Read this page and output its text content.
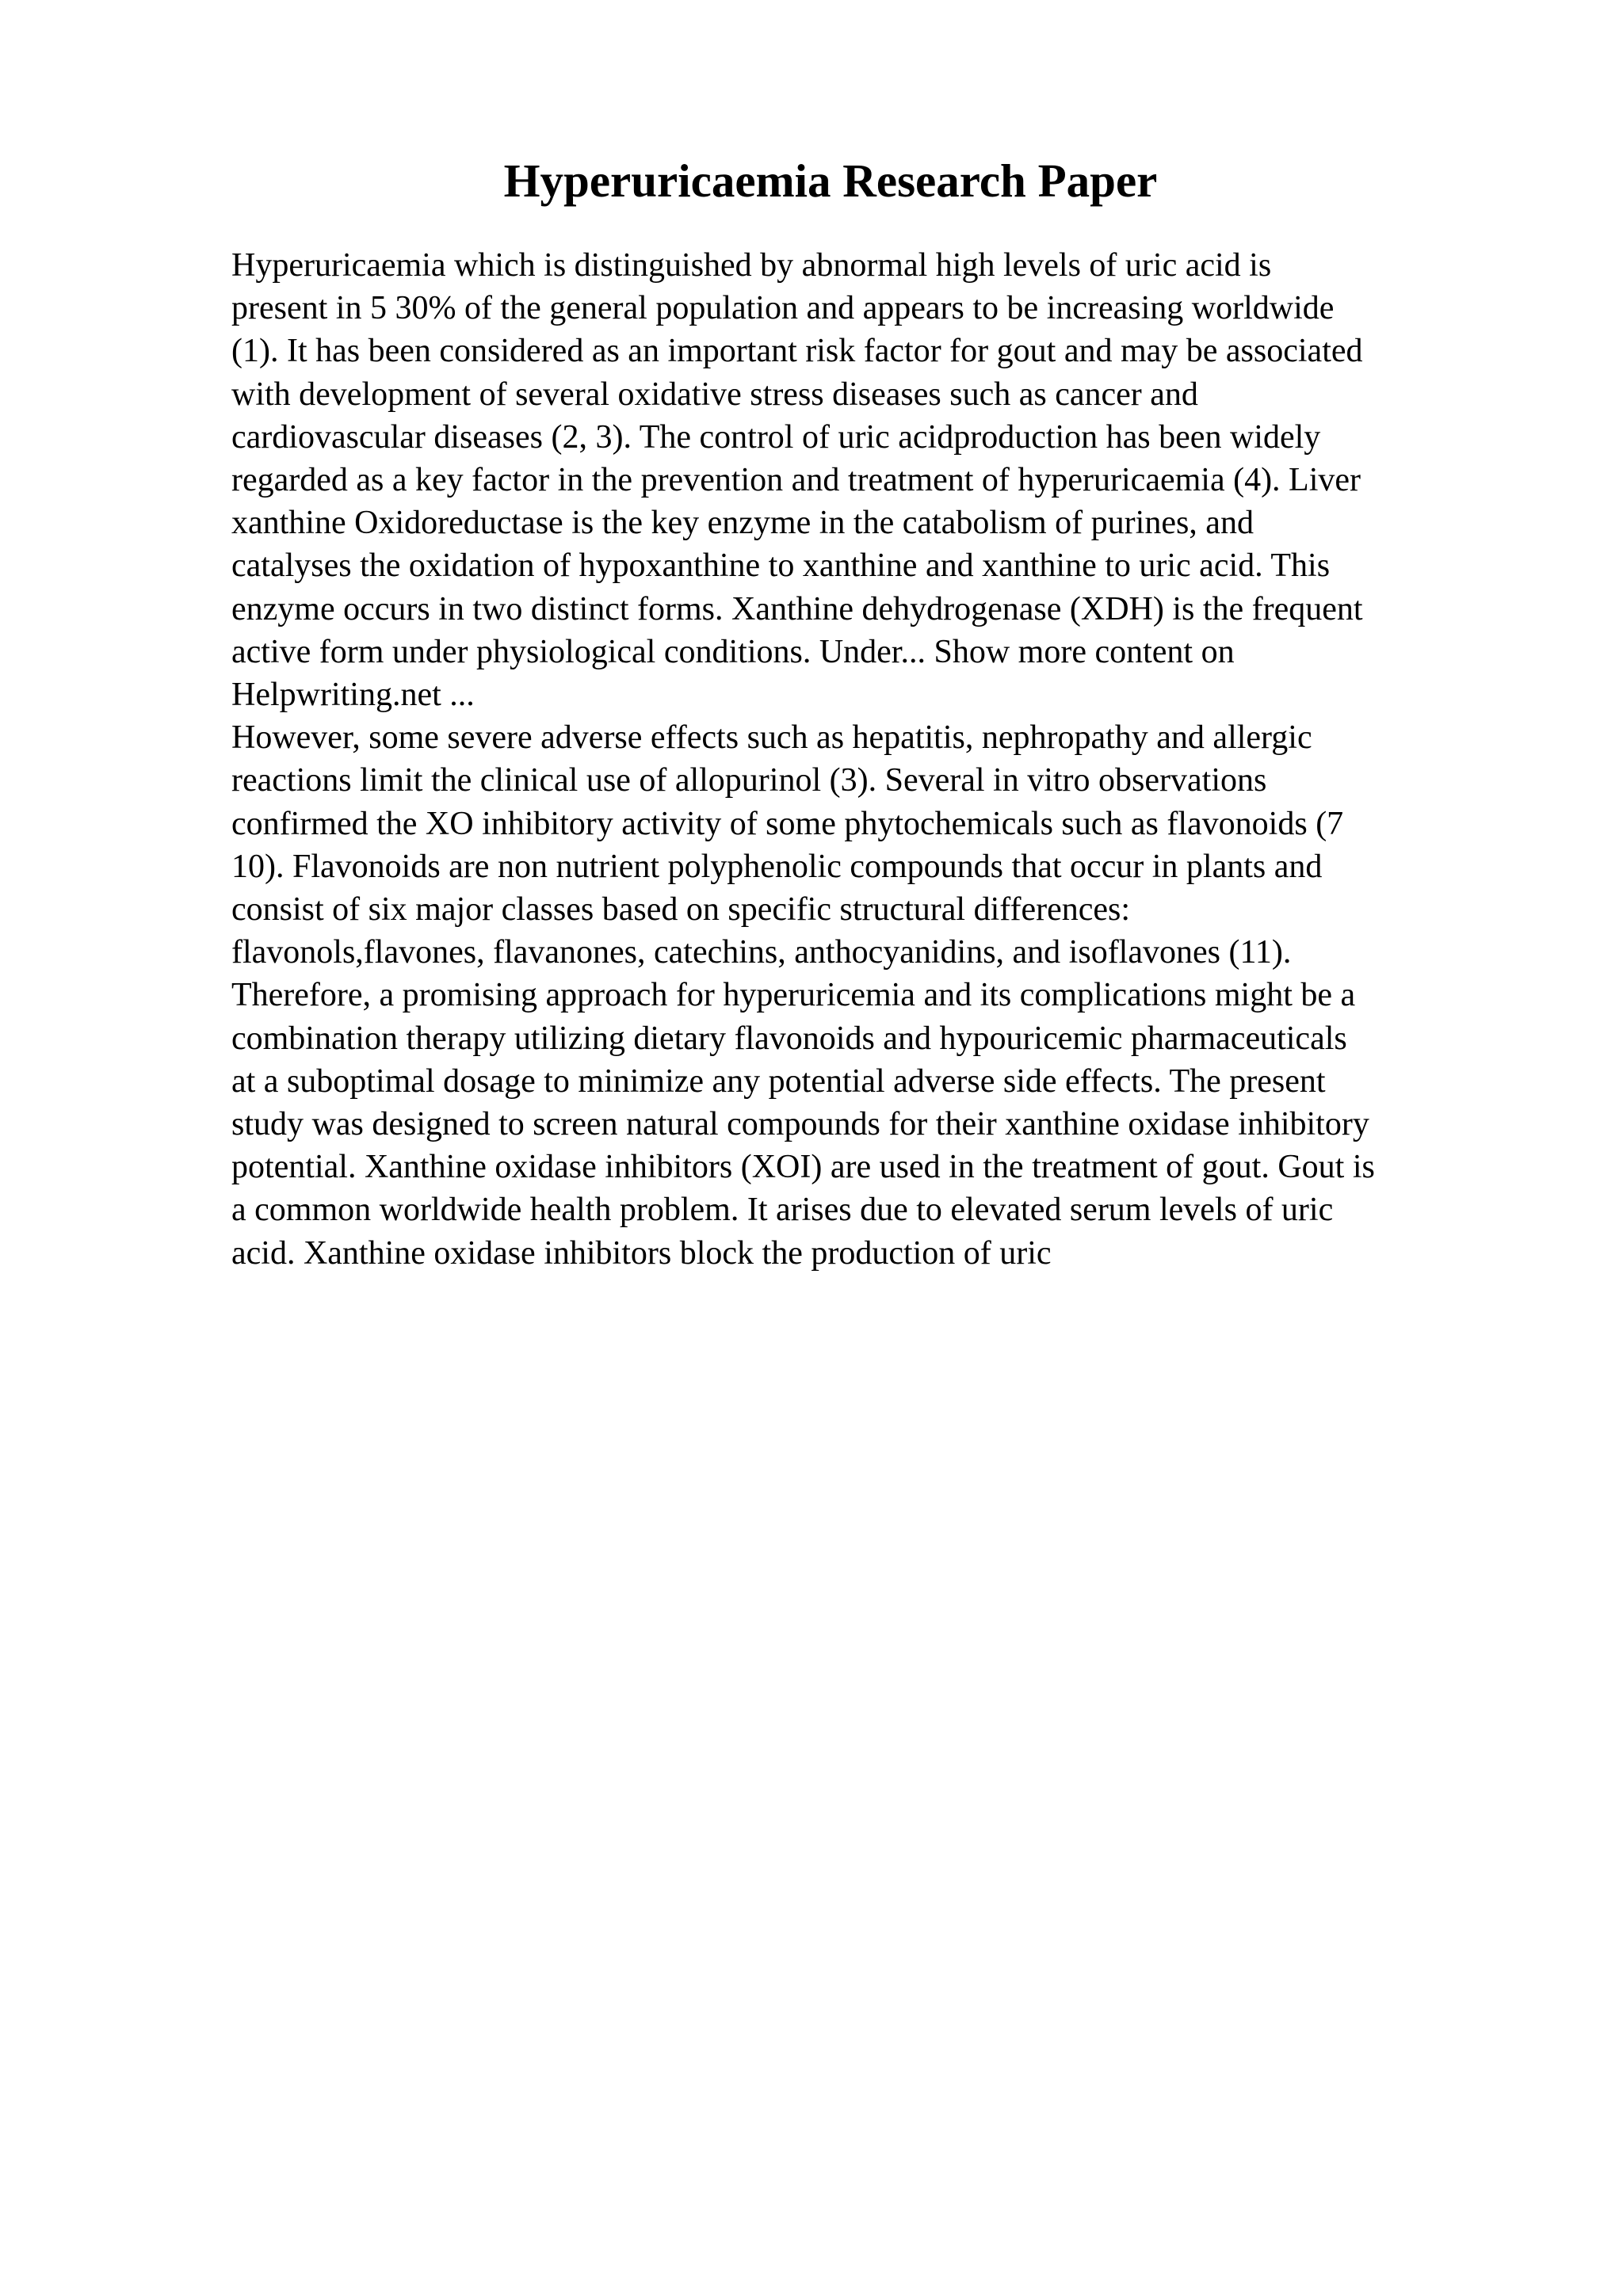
Hyperuricaemia Research Paper
Hyperuricaemia which is distinguished by abnormal high levels of uric acid is
present in 5 30% of the general population and appears to be increasing worldwide
(1). It has been considered as an important risk factor for gout and may be associated
with development of several oxidative stress diseases such as cancer and
cardiovascular diseases (2, 3). The control of uric acidproduction has been widely
regarded as a key factor in the prevention and treatment of hyperuricaemia (4). Liver
xanthine Oxidoreductase is the key enzyme in the catabolism of purines, and
catalyses the oxidation of hypoxanthine to xanthine and xanthine to uric acid. This
enzyme occurs in two distinct forms. Xanthine dehydrogenase (XDH) is the frequent
active form under physiological conditions. Under... Show more content on
Helpwriting.net ...
However, some severe adverse effects such as hepatitis, nephropathy and allergic
reactions limit the clinical use of allopurinol (3). Several in vitro observations
confirmed the XO inhibitory activity of some phytochemicals such as flavonoids (7
10). Flavonoids are non nutrient polyphenolic compounds that occur in plants and
consist of six major classes based on specific structural differences:
flavonols,flavones, flavanones, catechins, anthocyanidins, and isoflavones (11).
Therefore, a promising approach for hyperuricemia and its complications might be a
combination therapy utilizing dietary flavonoids and hypouricemic pharmaceuticals
at a suboptimal dosage to minimize any potential adverse side effects. The present
study was designed to screen natural compounds for their xanthine oxidase inhibitory
potential. Xanthine oxidase inhibitors (XOI) are used in the treatment of gout. Gout is
a common worldwide health problem. It arises due to elevated serum levels of uric
acid. Xanthine oxidase inhibitors block the production of uric
